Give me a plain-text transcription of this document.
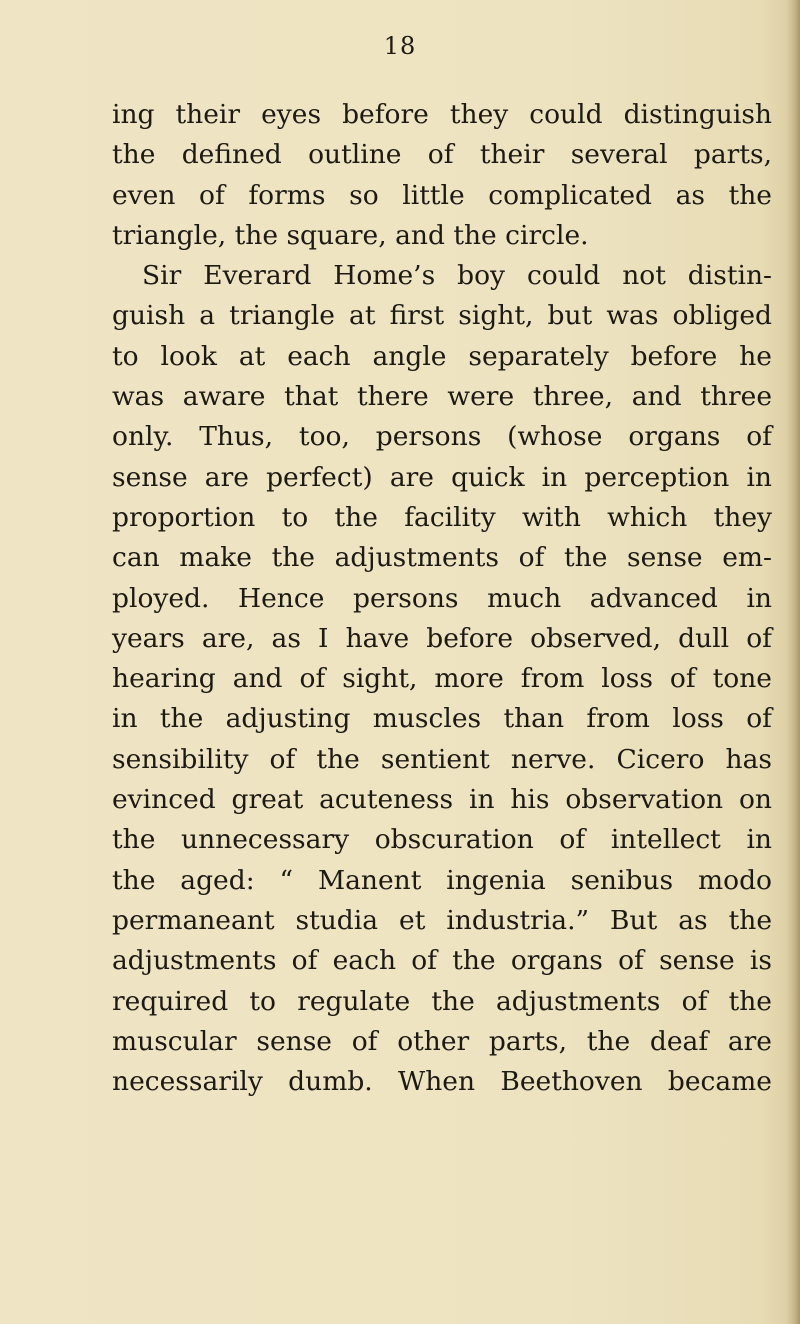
18
ing their eyes before they could distinguish
the defined outline of their several parts,
even of forms so little complicated as the
triangle, the square, and the circle.
Sir Everard Home’s boy could not distin-
guish a triangle at first sight, but was obliged
to look at each angle separately before he
was aware that there were three, and three
only. Thus, too, persons (whose organs of
sense are perfect) are quick in perception in
proportion to the facility with which they
can make the adjustments of the sense em-
ployed. Hence persons much advanced in
years are, as I have before observed, dull of
hearing and of sight, more from loss of tone
in the adjusting muscles than from loss of
sensibility of the sentient nerve. Cicero has
evinced great acuteness in his observation on
the unnecessary obscuration of intellect in
the aged: “ Manent ingenia senibus modo
permaneant studia et industria.” But as the
adjustments of each of the organs of sense is
required to regulate the adjustments of the
muscular sense of other parts, the deaf are
necessarily dumb. When Beethoven became
